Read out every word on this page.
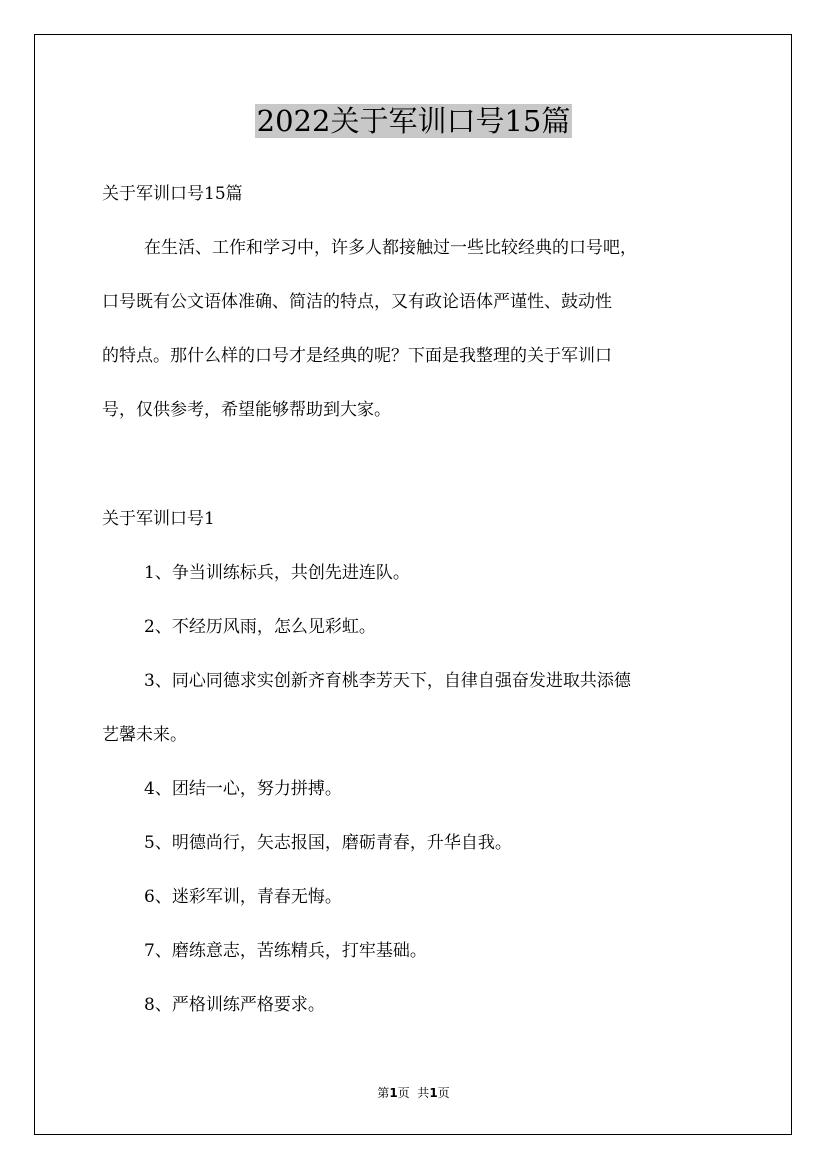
2022关于军训口号15篇

关于军训口号15篇

在生活、工作和学习中，许多人都接触过一些比较经典的口号吧，

口号既有公文语体准确、简洁的特点，又有政论语体严谨性、鼓动性

的特点。那什么样的口号才是经典的呢？下面是我整理的关于军训口

号，仅供参考，希望能够帮助到大家。

关于军训口号1

1、争当训练标兵，共创先进连队。

2、不经历风雨，怎么见彩虹。

3、同心同德求实创新齐育桃李芳天下，自律自强奋发进取共添德

艺馨未来。

4、团结一心，努力拼搏。

5、明德尚行，矢志报国，磨砺青春，升华自我。

6、迷彩军训，青春无悔。

7、磨练意志，苦练精兵，打牢基础。

8、严格训练严格要求。

第1页  共1页
